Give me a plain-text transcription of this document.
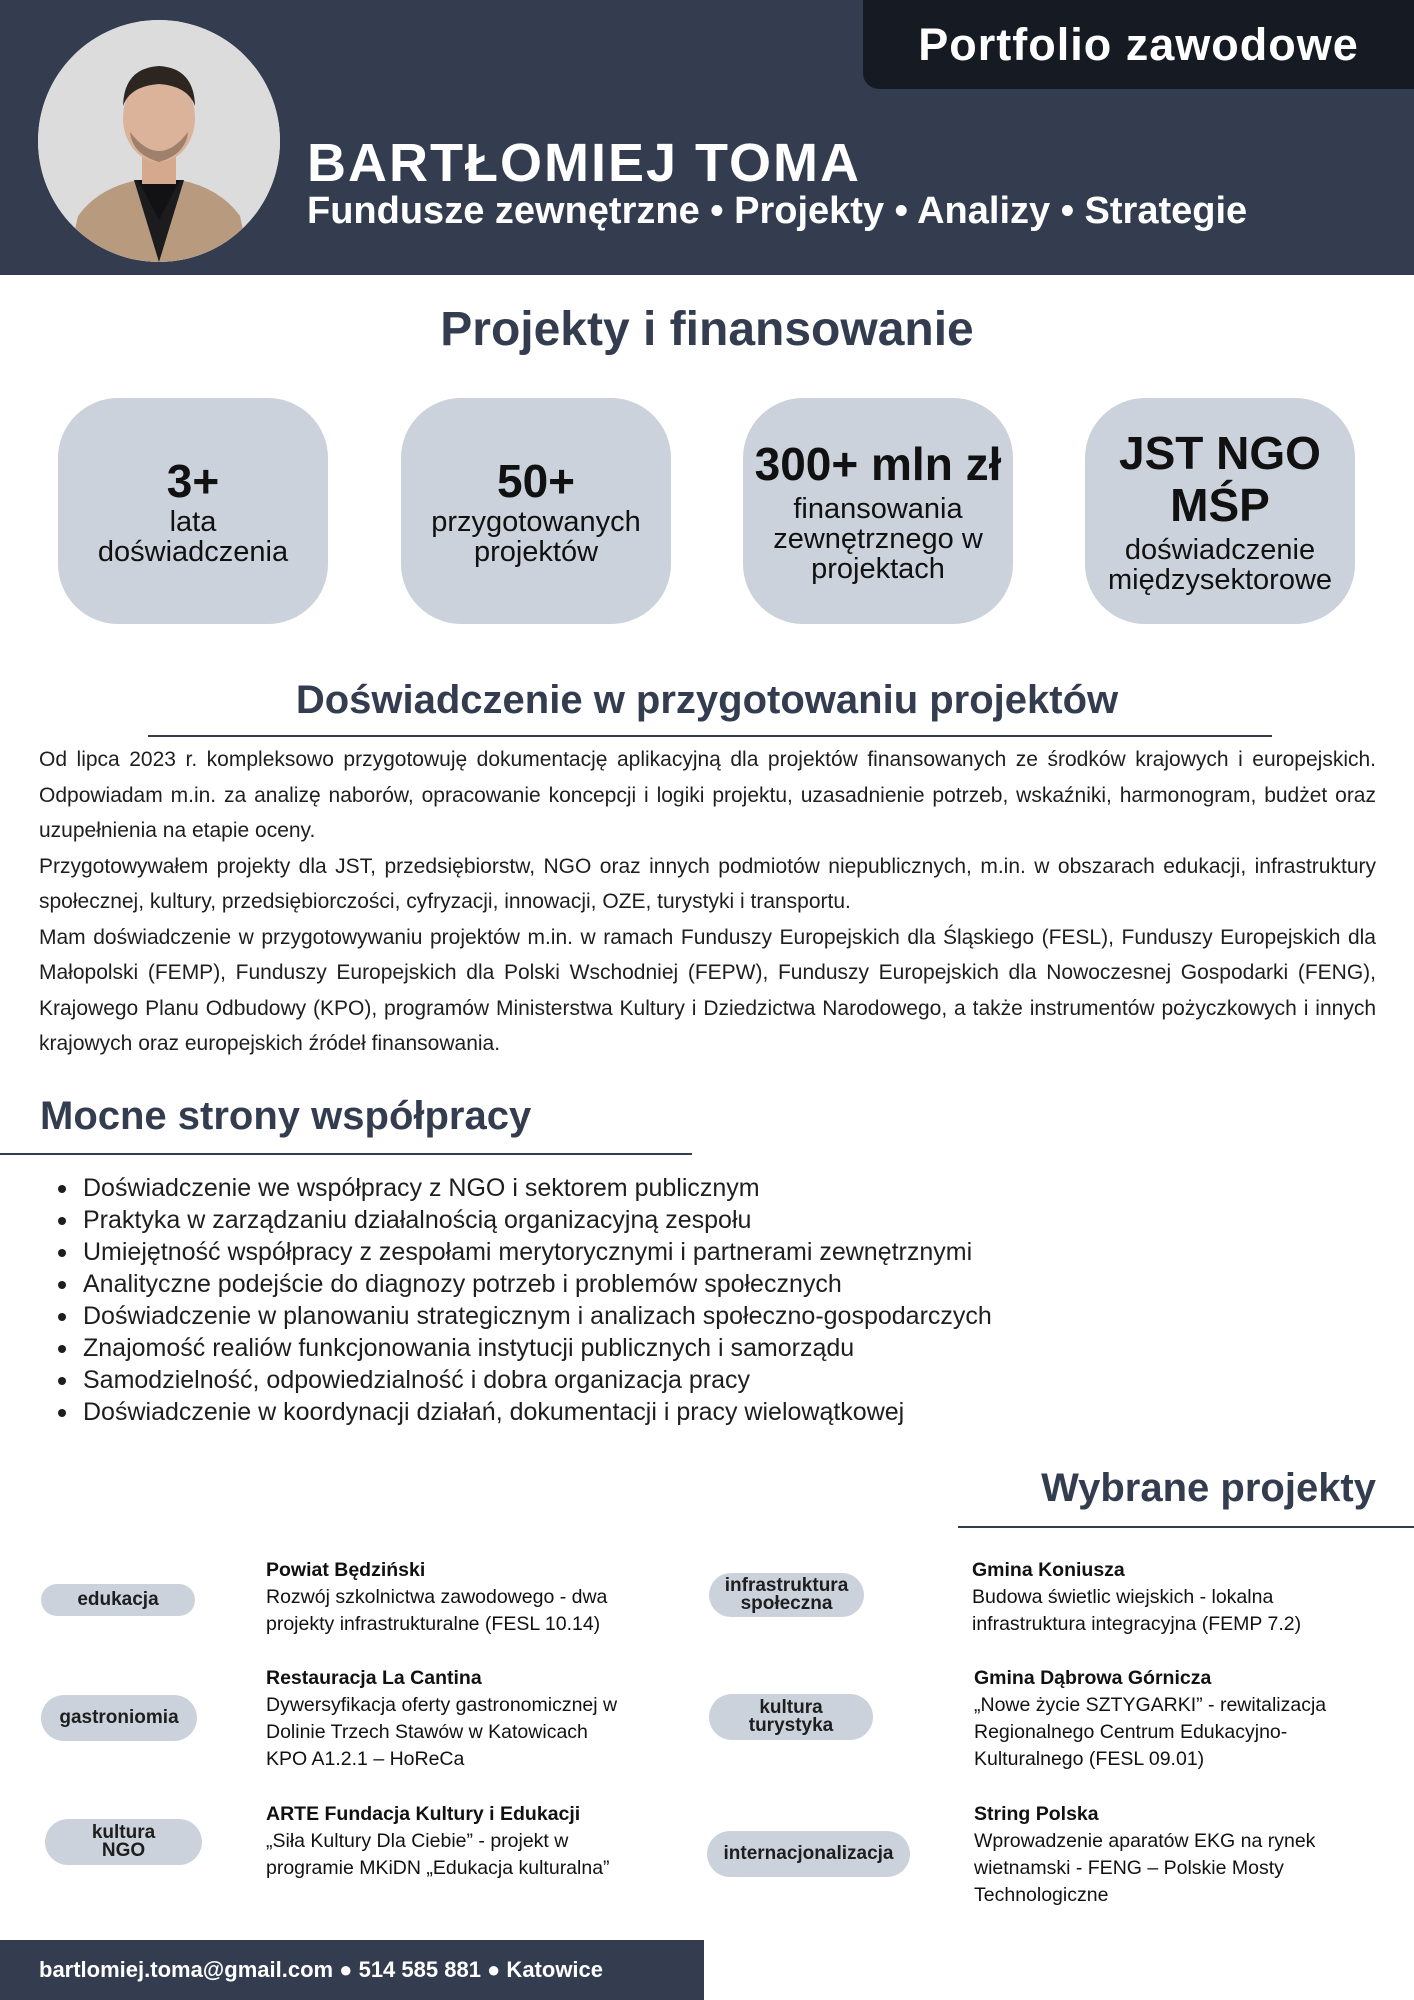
Portfolio zawodowe
BARTŁOMIEJ TOMA
Fundusze zewnętrzne • Projekty • Analizy • Strategie
Projekty i finansowanie
3+
lata
doświadczenia
50+
przygotowanych
projektów
300+ mln zł
finansowania
zewnętrznego w
projektach
JST NGO
MŚP
doświadczenie
międzysektorowe
Doświadczenie w przygotowaniu projektów

Od lipca 2023 r. kompleksowo przygotowuję dokumentację aplikacyjną dla projektów finansowanych ze środków krajowych i europejskich. Odpowiadam m.in. za analizę naborów, opracowanie koncepcji i logiki projektu, uzasadnienie potrzeb, wskaźniki, harmonogram, budżet oraz uzupełnienia na etapie oceny.

Przygotowywałem projekty dla JST, przedsiębiorstw, NGO oraz innych podmiotów niepublicznych, m.in. w obszarach edukacji, infrastruktury społecznej, kultury, przedsiębiorczości, cyfryzacji, innowacji, OZE, turystyki i transportu.

Mam doświadczenie w przygotowywaniu projektów m.in. w ramach Funduszy Europejskich dla Śląskiego (FESL), Funduszy Europejskich dla Małopolski (FEMP), Funduszy Europejskich dla Polski Wschodniej (FEPW), Funduszy Europejskich dla Nowoczesnej Gospodarki (FENG), Krajowego Planu Odbudowy (KPO), programów Ministerstwa Kultury i Dziedzictwa Narodowego, a także instrumentów pożyczkowych i innych krajowych oraz europejskich źródeł finansowania.

Mocne strony współpracy
Doświadczenie we współpracy z NGO i sektorem publicznym
Praktyka w zarządzaniu działalnością organizacyjną zespołu
Umiejętność współpracy z zespołami merytorycznymi i partnerami zewnętrznymi
Analityczne podejście do diagnozy potrzeb i problemów społecznych
Doświadczenie w planowaniu strategicznym i analizach społeczno-gospodarczych
Znajomość realiów funkcjonowania instytucji publicznych i samorządu
Samodzielność, odpowiedzialność i dobra organizacja pracy
Doświadczenie w koordynacji działań, dokumentacji i pracy wielowątkowej
Wybrane projekty
edukacja
Powiat Będziński
Rozwój szkolnictwa zawodowego - dwa
projekty infrastrukturalne (FESL 10.14)
infrastruktura
społeczna
Gmina Koniusza
Budowa świetlic wiejskich - lokalna
infrastruktura integracyjna (FEMP 7.2)
gastroniomia
Restauracja La Cantina
Dywersyfikacja oferty gastronomicznej w
Dolinie Trzech Stawów w Katowicach
KPO A1.2.1 – HoReCa
kultura
turystyka
Gmina Dąbrowa Górnicza
„Nowe życie SZTYGARKI” - rewitalizacja
Regionalnego Centrum Edukacyjno-
Kulturalnego (FESL 09.01)
kultura
NGO
ARTE Fundacja Kultury i Edukacji
„Siła Kultury Dla Ciebie” - projekt w
programie MKiDN „Edukacja kulturalna”
internacjonalizacja
String Polska
Wprowadzenie aparatów EKG na rynek
wietnamski - FENG – Polskie Mosty
Technologiczne
bartlomiej.toma@gmail.com ● 514 585 881 ● Katowice
